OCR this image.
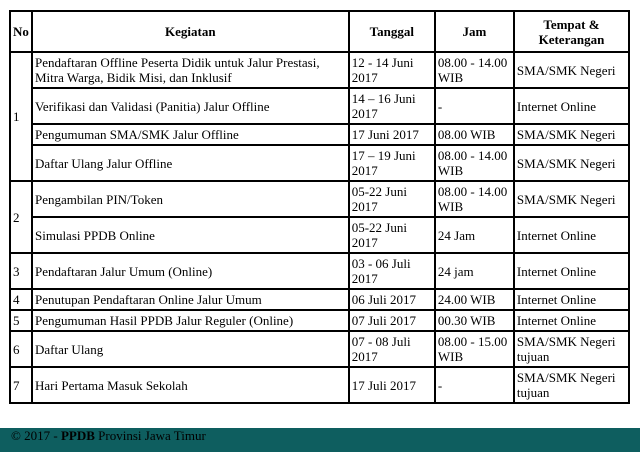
No	Kegiatan	Tanggal	Jam	Tempat &
Keterangan
1	Pendaftaran Offline Peserta Didik untuk Jalur Prestasi, Mitra Warga, Bidik Misi, dan Inklusif	12 - 14 Juni 2017	08.00 - 14.00 WIB	SMA/SMK Negeri
	Verifikasi dan Validasi (Panitia) Jalur Offline	14 – 16 Juni 2017	-	Internet Online
	Pengumuman SMA/SMK Jalur Offline	17 Juni 2017	08.00 WIB	SMA/SMK Negeri
	Daftar Ulang Jalur Offline	17 – 19 Juni 2017	08.00 - 14.00 WIB	SMA/SMK Negeri
2	Pengambilan PIN/Token	05-22 Juni 2017	08.00 - 14.00 WIB	SMA/SMK Negeri
	Simulasi PPDB Online	05-22 Juni 2017	24 Jam	Internet Online
3	Pendaftaran Jalur Umum (Online)	03 - 06 Juli 2017	24 jam	Internet Online
4	Penutupan Pendaftaran Online Jalur Umum	06 Juli 2017	24.00 WIB	Internet Online
5	Pengumuman Hasil PPDB Jalur Reguler (Online)	07 Juli 2017	00.30 WIB	Internet Online
6	Daftar Ulang	07 - 08 Juli 2017	08.00 - 15.00 WIB	SMA/SMK Negeri tujuan
7	Hari Pertama Masuk Sekolah	17 Juli 2017	-	SMA/SMK Negeri tujuan
© 2017 - PPDB Provinsi Jawa Timur
